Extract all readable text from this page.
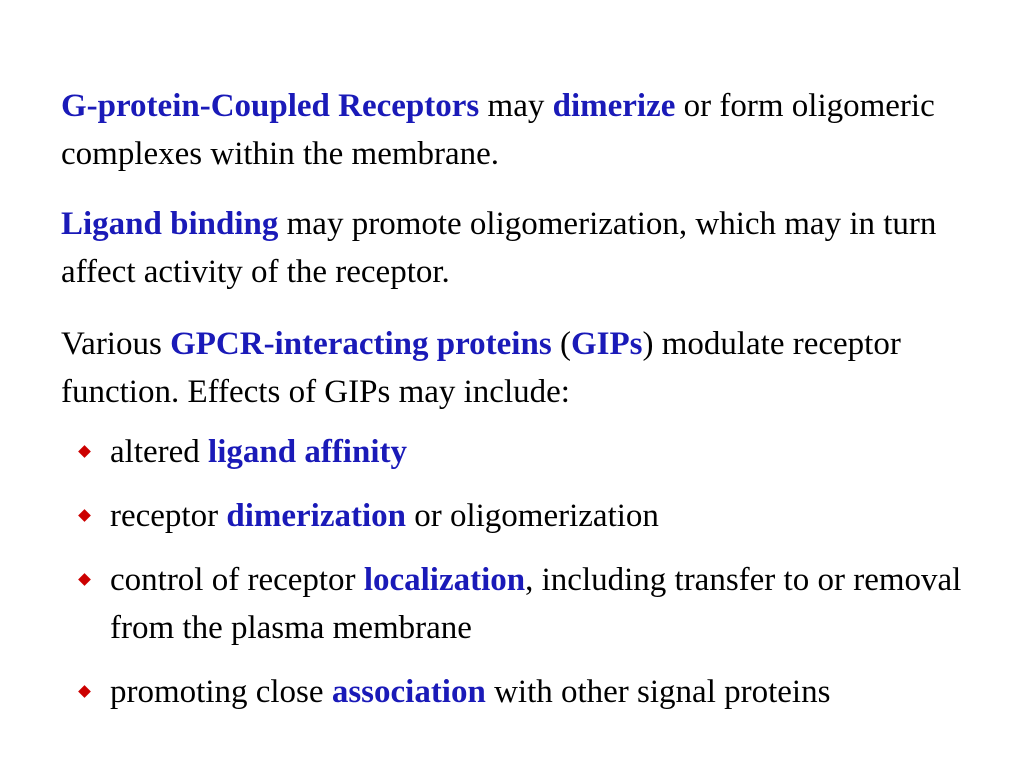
G-protein-Coupled Receptors may dimerize or form oligomeric complexes within the membrane.

Ligand binding may promote oligomerization, which may in turn affect activity of the receptor.

Various GPCR-interacting proteins (GIPs) modulate receptor function. Effects of GIPs may include:

altered ligand affinity
receptor dimerization or oligomerization
control of receptor localization, including transfer to or removal from the plasma membrane
promoting close association with other signal proteins
